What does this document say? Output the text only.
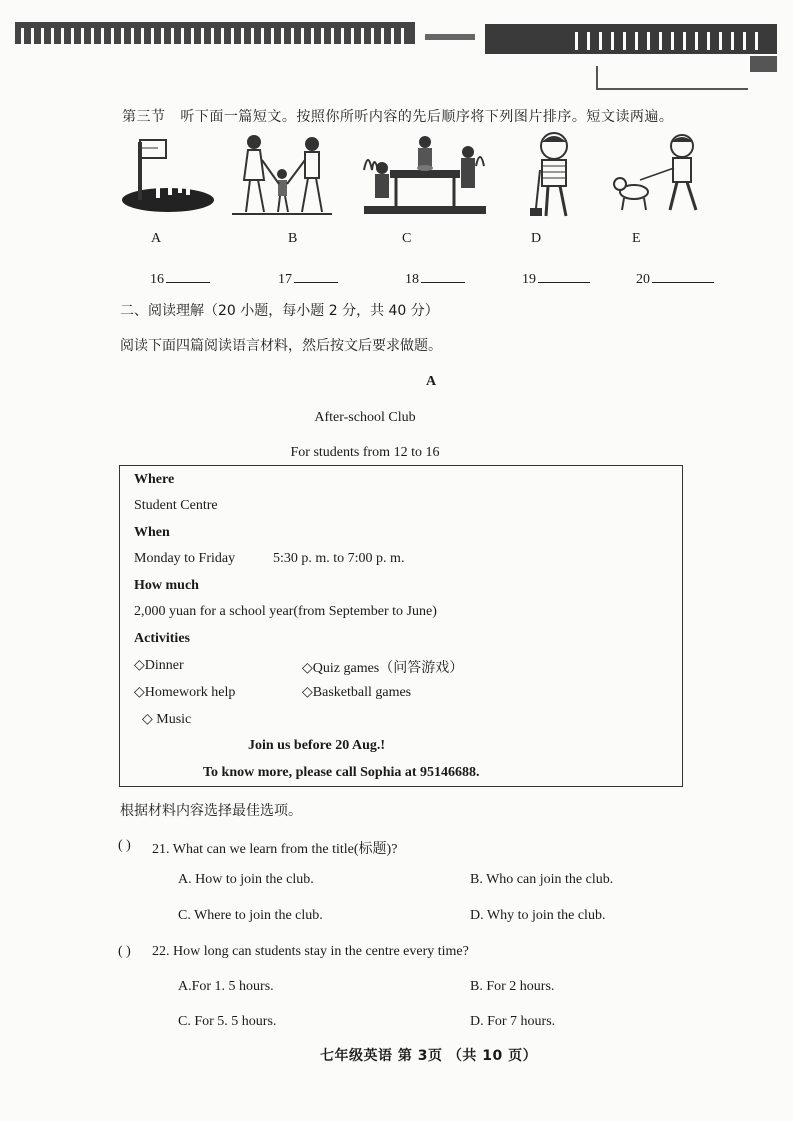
第三节 听下面一篇短文。按照你所听内容的先后顺序将下列图片排序。短文读两遍。
A	B	C	D	E
16	17	18	19	20
二、阅读理解（20 小题，每小题 2 分，共 40 分）
阅读下面四篇阅读语言材料，然后按文后要求做题。
A
After-school Club
For students from 12 to 16
Where
Student Centre
When
Monday to Friday	5:30 p. m. to 7:00 p. m.
How much
2,000 yuan for a school year(from September to June)
Activities
◇Dinner	◇Quiz games（问答游戏）
◇Homework help	◇Basketball games
◇ Music
Join us before 20 Aug.!
To know more, please call Sophia at 95146688.
根据材料内容选择最佳选项。
( ) 21. What can we learn from the title(标题)?
A. How to join the club.	B. Who can join the club.
C. Where to join the club.	D. Why to join the club.
( ) 22. How long can students stay in the centre every time?
A.For 1. 5 hours.	B. For 2 hours.
C. For 5. 5 hours.	D. For 7 hours.
七年级英语 第 3页 （共 10 页）
